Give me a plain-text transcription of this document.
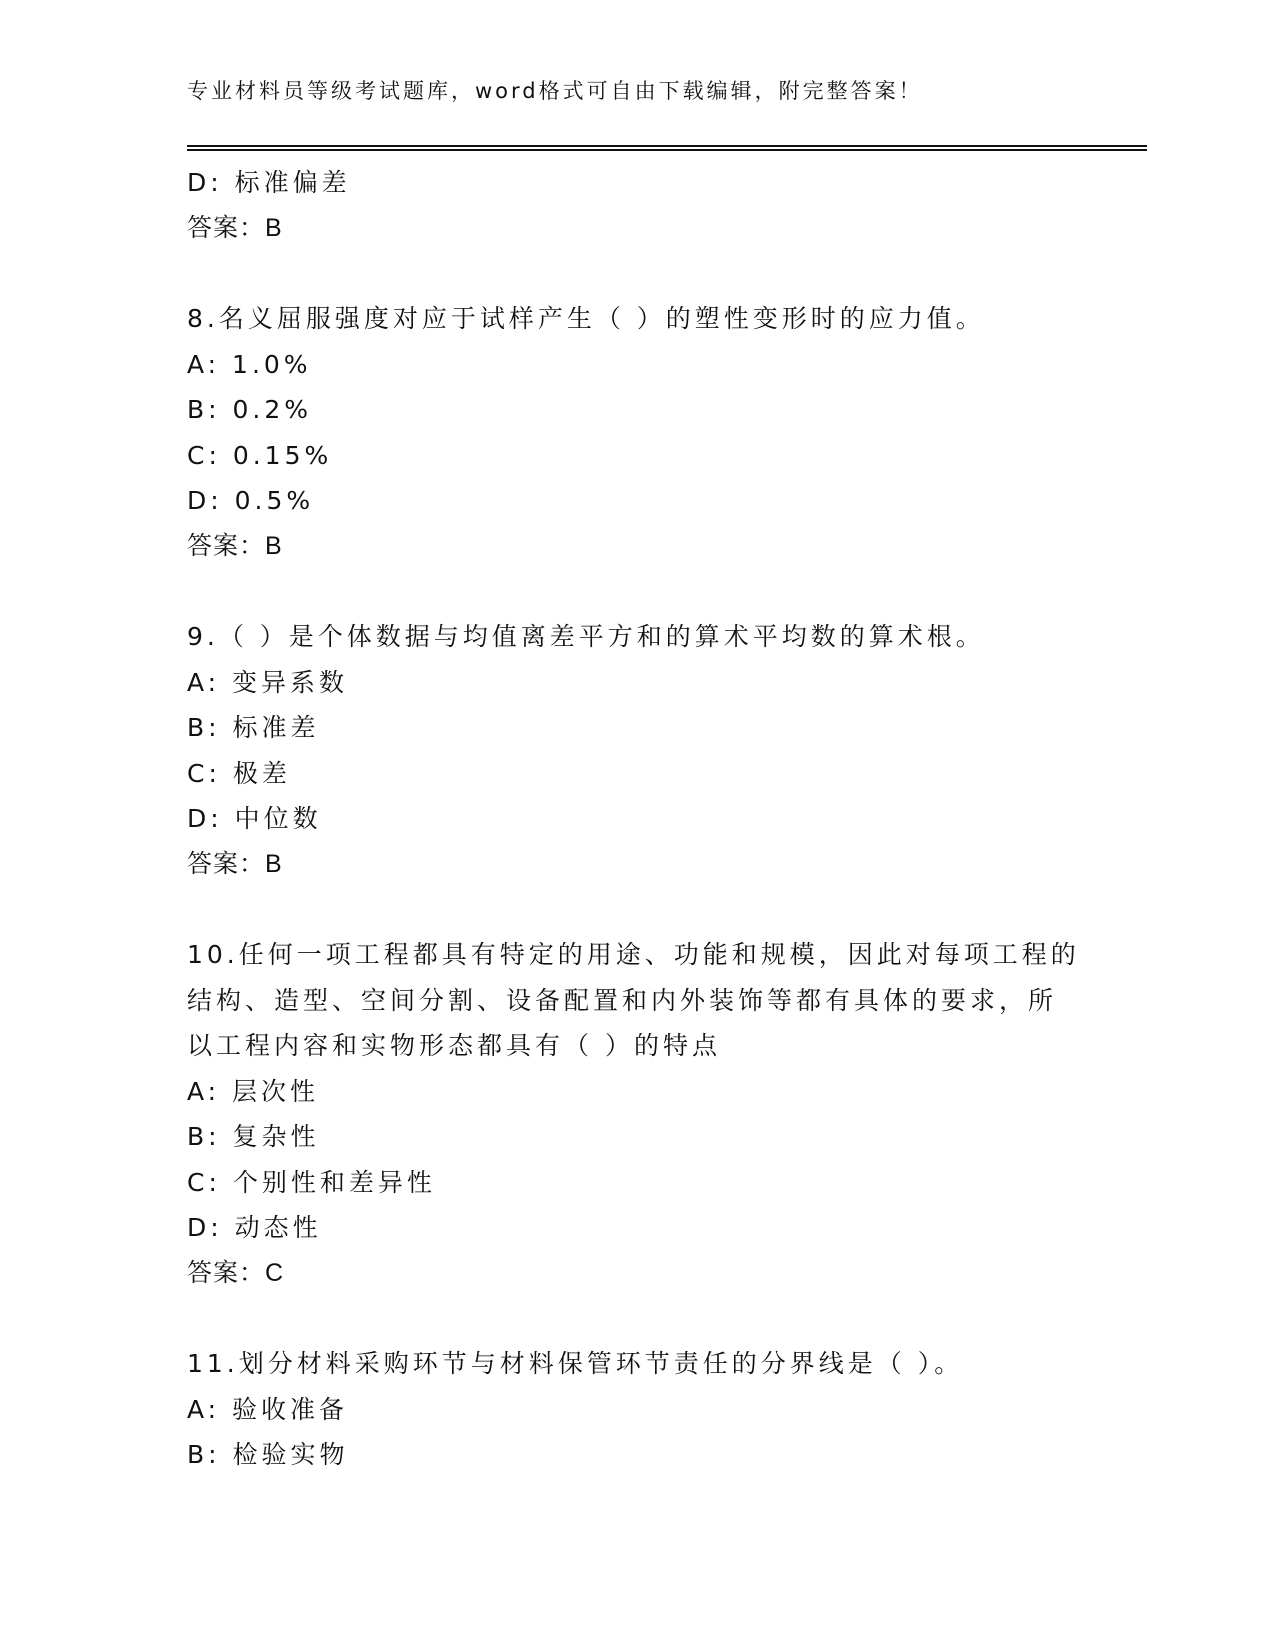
专业材料员等级考试题库，word格式可自由下载编辑，附完整答案！
D: 标准偏差
答案：B
8.名义屈服强度对应于试样产生（ ）的塑性变形时的应力值。
A: 1.0%
B: 0.2%
C: 0.15%
D: 0.5%
答案：B
9.（ ）是个体数据与均值离差平方和的算术平均数的算术根。
A: 变异系数
B: 标准差
C: 极差
D: 中位数
答案：B
10.任何一项工程都具有特定的用途、功能和规模，因此对每项工程的
结构、造型、空间分割、设备配置和内外装饰等都有具体的要求，所
以工程内容和实物形态都具有（ ）的特点
A: 层次性
B: 复杂性
C: 个别性和差异性
D: 动态性
答案：C
11.划分材料采购环节与材料保管环节责任的分界线是（ ）。
A: 验收准备
B: 检验实物
